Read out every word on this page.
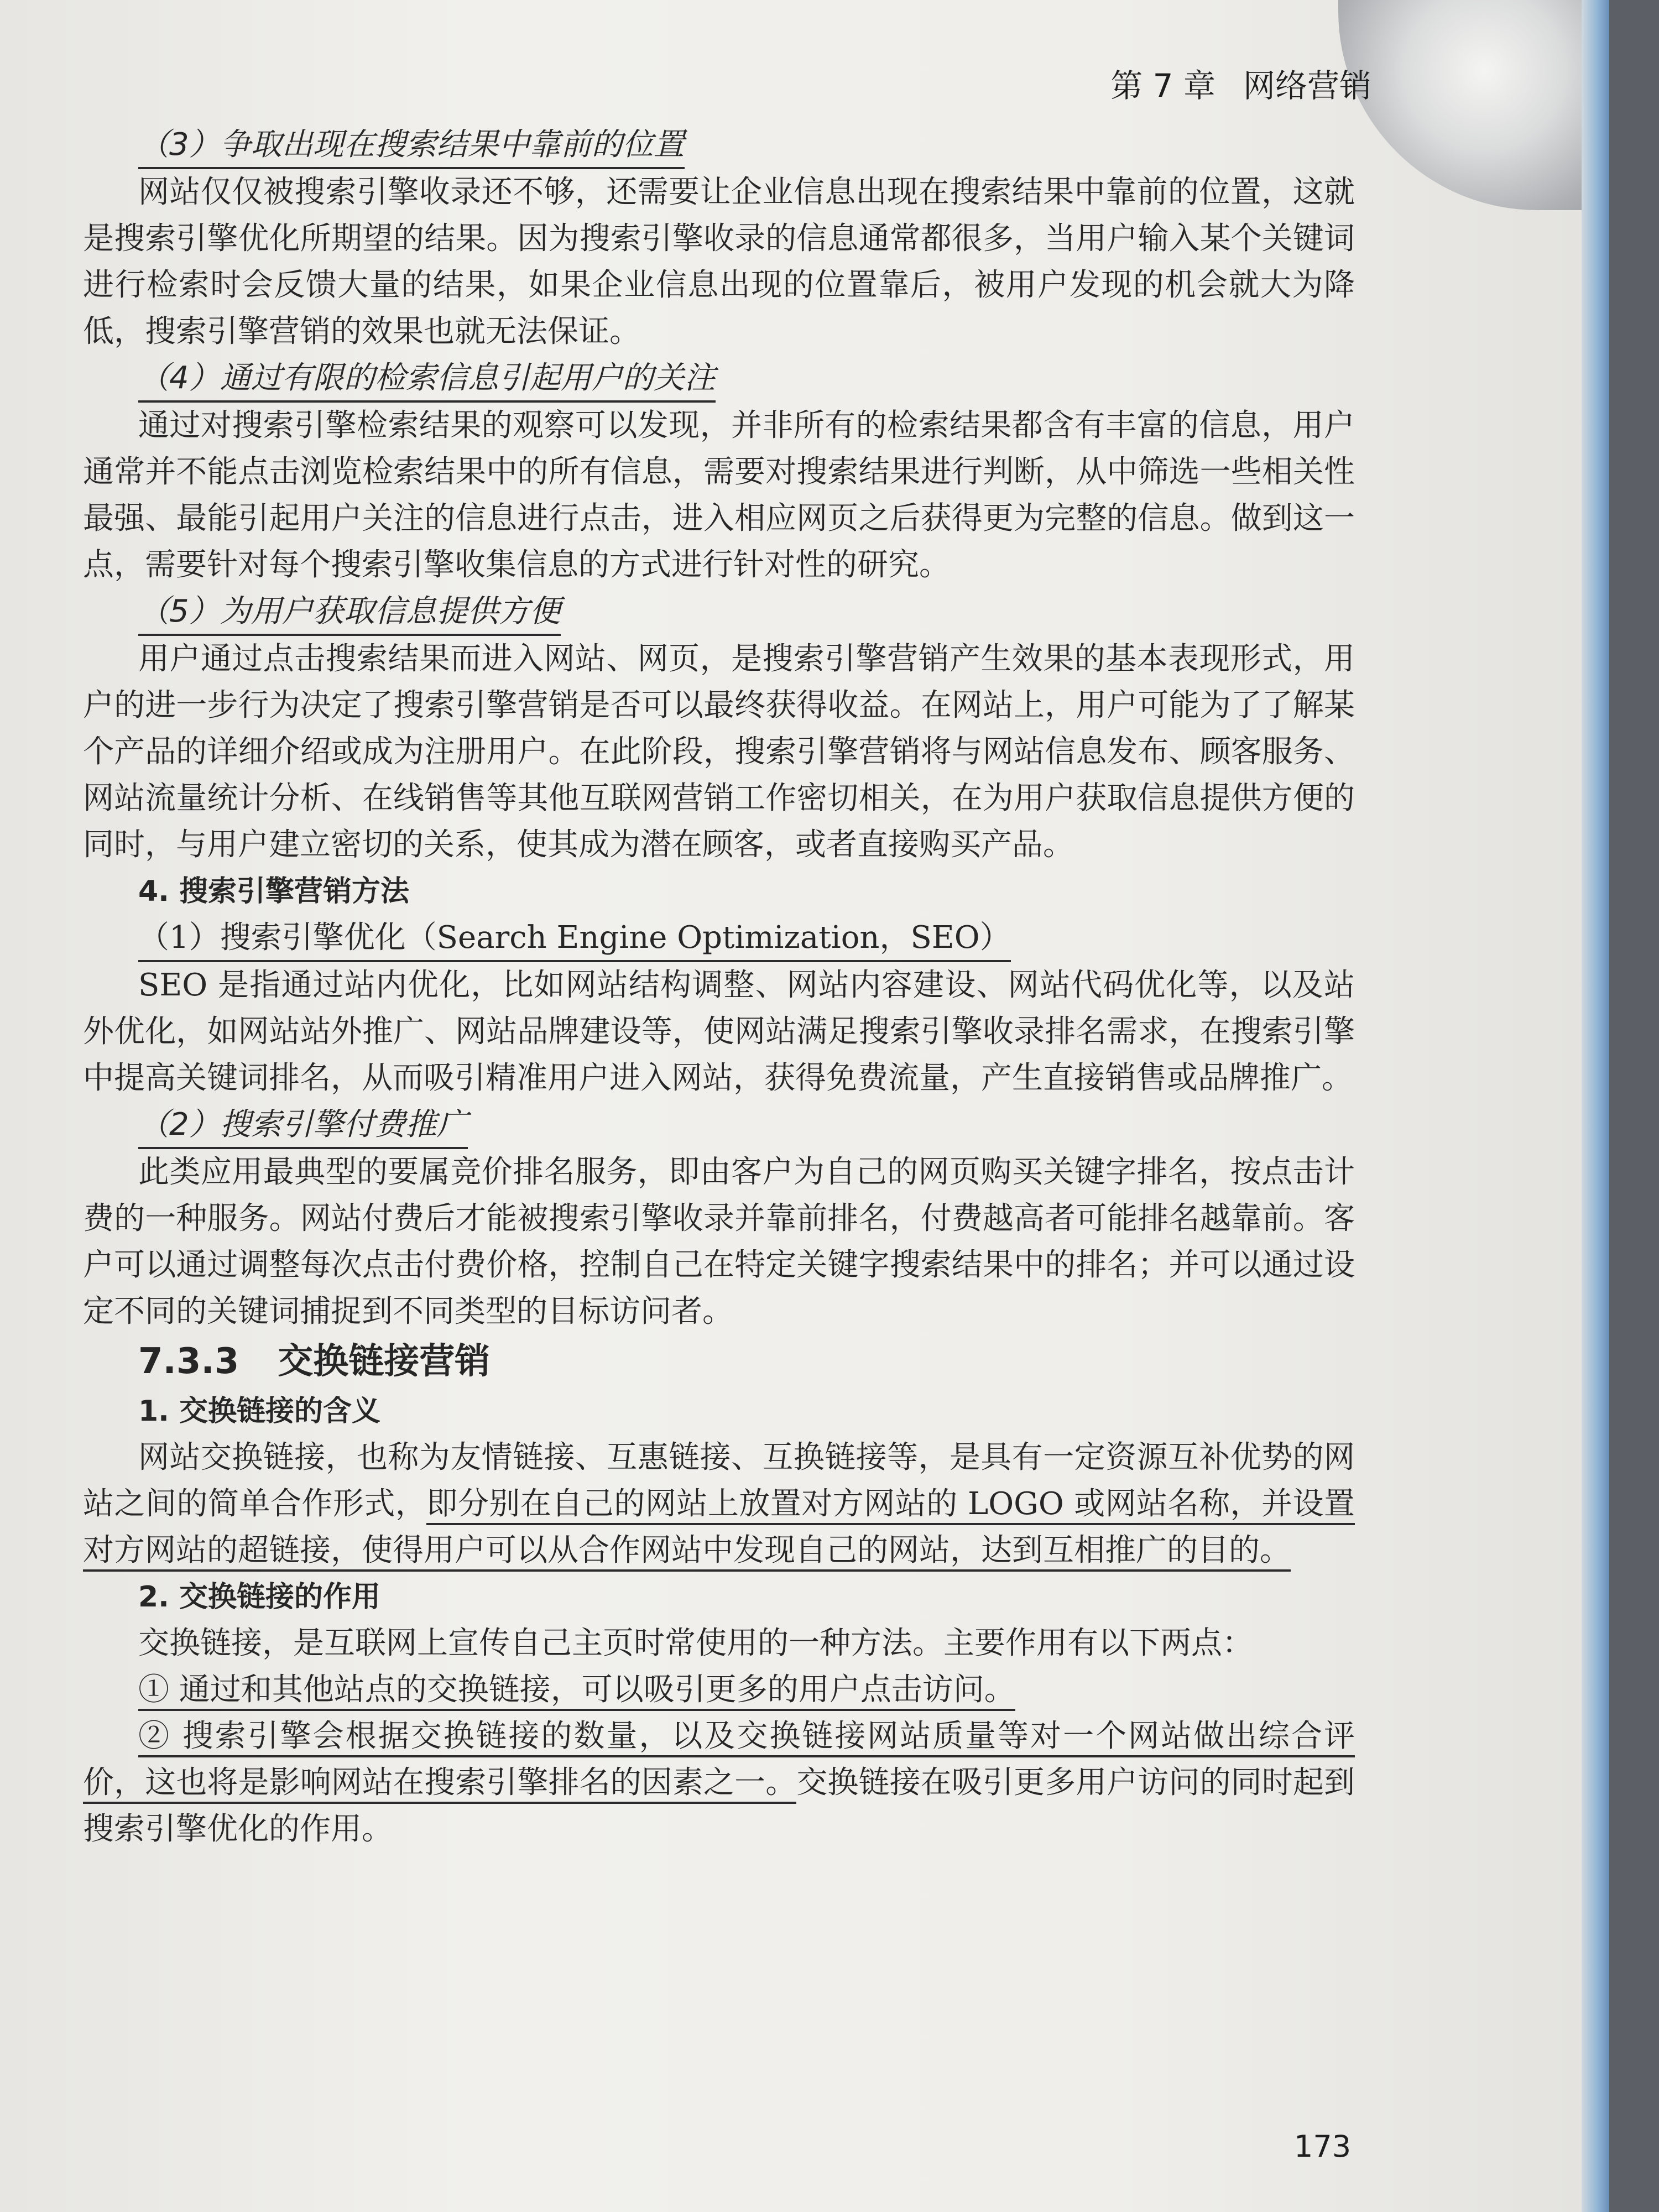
第 7 章 网络营销

（3）争取出现在搜索结果中靠前的位置

网站仅仅被搜索引擎收录还不够，还需要让企业信息出现在搜索结果中靠前的位置，这就是搜索引擎优化所期望的结果。因为搜索引擎收录的信息通常都很多，当用户输入某个关键词进行检索时会反馈大量的结果，如果企业信息出现的位置靠后，被用户发现的机会就大为降低，搜索引擎营销的效果也就无法保证。

（4）通过有限的检索信息引起用户的关注

通过对搜索引擎检索结果的观察可以发现，并非所有的检索结果都含有丰富的信息，用户通常并不能点击浏览检索结果中的所有信息，需要对搜索结果进行判断，从中筛选一些相关性最强、最能引起用户关注的信息进行点击，进入相应网页之后获得更为完整的信息。做到这一点，需要针对每个搜索引擎收集信息的方式进行针对性的研究。

（5）为用户获取信息提供方便

用户通过点击搜索结果而进入网站、网页，是搜索引擎营销产生效果的基本表现形式，用户的进一步行为决定了搜索引擎营销是否可以最终获得收益。在网站上，用户可能为了了解某个产品的详细介绍或成为注册用户。在此阶段，搜索引擎营销将与网站信息发布、顾客服务、网站流量统计分析、在线销售等其他互联网营销工作密切相关，在为用户获取信息提供方便的同时，与用户建立密切的关系，使其成为潜在顾客，或者直接购买产品。

4. 搜索引擎营销方法

（1）搜索引擎优化（Search Engine Optimization，SEO）

SEO 是指通过站内优化，比如网站结构调整、网站内容建设、网站代码优化等，以及站外优化，如网站站外推广、网站品牌建设等，使网站满足搜索引擎收录排名需求，在搜索引擎中提高关键词排名，从而吸引精准用户进入网站，获得免费流量，产生直接销售或品牌推广。

（2）搜索引擎付费推广

此类应用最典型的要属竞价排名服务，即由客户为自己的网页购买关键字排名，按点击计费的一种服务。网站付费后才能被搜索引擎收录并靠前排名，付费越高者可能排名越靠前。客户可以通过调整每次点击付费价格，控制自己在特定关键字搜索结果中的排名；并可以通过设定不同的关键词捕捉到不同类型的目标访问者。

7.3.3 交换链接营销

1. 交换链接的含义

网站交换链接，也称为友情链接、互惠链接、互换链接等，是具有一定资源互补优势的网站之间的简单合作形式，即分别在自己的网站上放置对方网站的 LOGO 或网站名称，并设置对方网站的超链接，使得用户可以从合作网站中发现自己的网站，达到互相推广的目的。

2. 交换链接的作用

交换链接，是互联网上宣传自己主页时常使用的一种方法。主要作用有以下两点：

① 通过和其他站点的交换链接，可以吸引更多的用户点击访问。

② 搜索引擎会根据交换链接的数量，以及交换链接网站质量等对一个网站做出综合评价，这也将是影响网站在搜索引擎排名的因素之一。交换链接在吸引更多用户访问的同时起到搜索引擎优化的作用。

173
